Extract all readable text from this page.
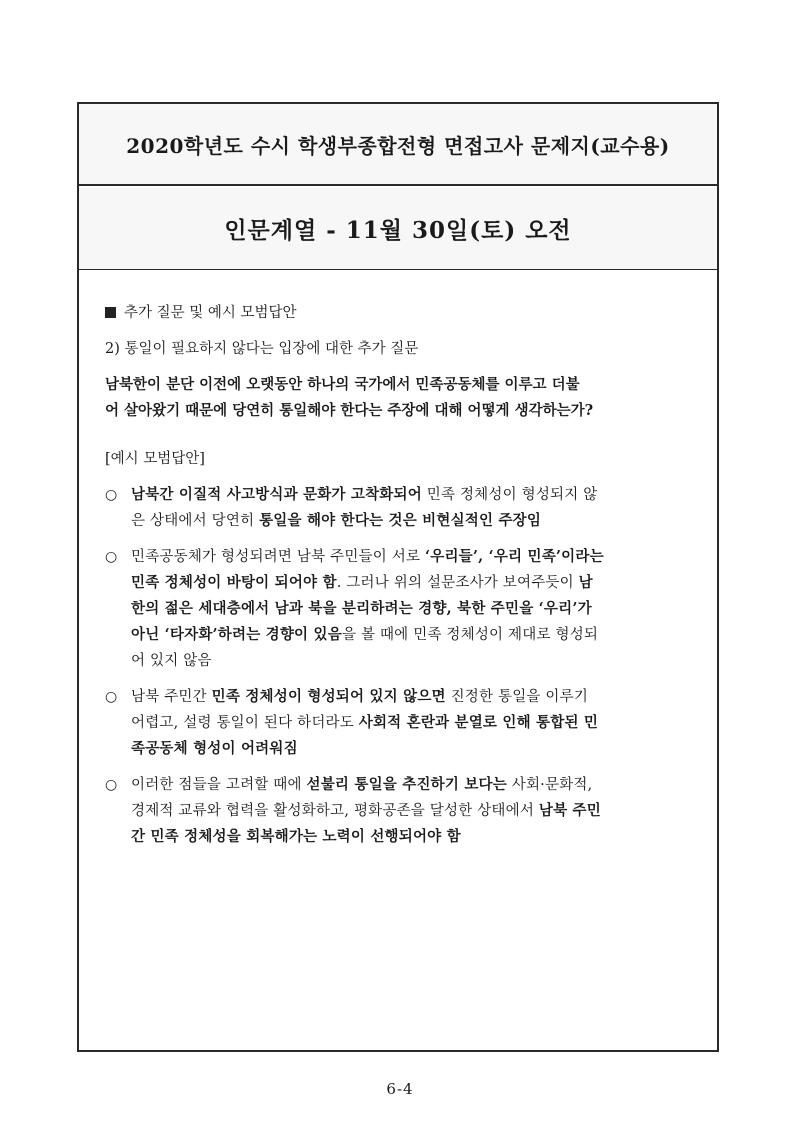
2020학년도 수시 학생부종합전형 면접고사 문제지(교수용)
인문계열 - 11월 30일(토) 오전
추가 질문 및 예시 모범답안
2) 통일이 필요하지 않다는 입장에 대한 추가 질문
남북한이 분단 이전에 오랫동안 하나의 국가에서 민족공동체를 이루고 더불
어 살아왔기 때문에 당연히 통일해야 한다는 주장에 대해 어떻게 생각하는가?
[예시 모범답안]
○ 남북간 이질적 사고방식과 문화가 고착화되어 민족 정체성이 형성되지 않
은 상태에서 당연히 통일을 해야 한다는 것은 비현실적인 주장임
○ 민족공동체가 형성되려면 남북 주민들이 서로 ‘우리들’, ‘우리 민족’이라는
민족 정체성이 바탕이 되어야 함. 그러나 위의 설문조사가 보여주듯이 남
한의 젊은 세대층에서 남과 북을 분리하려는 경향, 북한 주민을 ‘우리’가
아닌 ‘타자화’하려는 경향이 있음을 볼 때에 민족 정체성이 제대로 형성되
어 있지 않음
○ 남북 주민간 민족 정체성이 형성되어 있지 않으면 진정한 통일을 이루기
어렵고, 설령 통일이 된다 하더라도 사회적 혼란과 분열로 인해 통합된 민
족공동체 형성이 어려워짐
○ 이러한 점들을 고려할 때에 섣불리 통일을 추진하기 보다는 사회·문화적,
경제적 교류와 협력을 활성화하고, 평화공존을 달성한 상태에서 남북 주민
간 민족 정체성을 회복해가는 노력이 선행되어야 함
6-4
